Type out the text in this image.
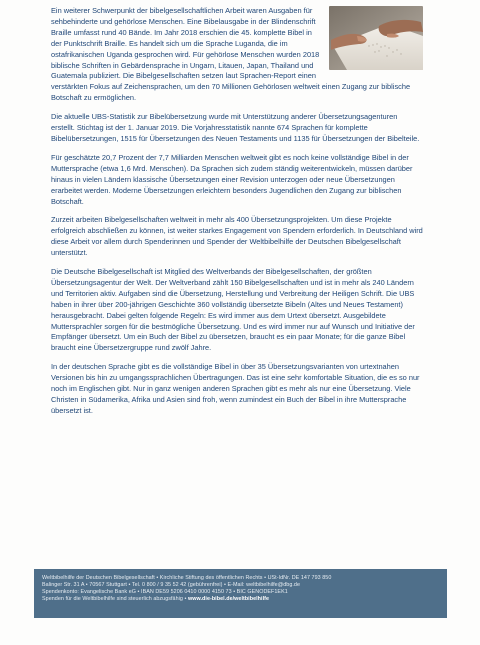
Ein weiterer Schwerpunkt der bibelgesellschaftlichen Arbeit waren Ausgaben für sehbehinderte und gehörlose Menschen. Eine Bibelausgabe in der Blindenschrift Braille umfasst rund 40 Bände. Im Jahr 2018 erschien die 45. komplette Bibel in der Punktschrift Braille. Es handelt sich um die Sprache Luganda, die im ostafrikanischen Uganda gesprochen wird. Für gehörlose Menschen wurden 2018 biblische Schriften in Gebärdensprache in Ungarn, Litauen, Japan, Thailand und Guatemala publiziert. Die Bibelgesellschaften setzen laut Sprachen-Report einen verstärkten Fokus auf Zeichensprachen, um den 70 Millionen Gehörlosen weltweit einen Zugang zur biblische Botschaft zu ermöglichen.

Die aktuelle UBS-Statistik zur Bibelübersetzung wurde mit Unterstützung anderer Übersetzungsagenturen erstellt. Stichtag ist der 1. Januar 2019. Die Vorjahresstatistik nannte 674 Sprachen für komplette Bibelübersetzungen, 1515 für Übersetzungen des Neuen Testaments und 1135 für Übersetzungen der Bibelteile.

Für geschätzte 20,7 Prozent der 7,7 Milliarden Menschen weltweit gibt es noch keine vollständige Bibel in der Muttersprache (etwa 1,6 Mrd. Menschen). Da Sprachen sich zudem ständig weiterentwickeln, müssen darüber hinaus in vielen Ländern klassische Übersetzungen einer Revision unterzogen oder neue Übersetzungen erarbeitet werden. Moderne Übersetzungen erleichtern besonders Jugendlichen den Zugang zur biblischen Botschaft.

Zurzeit arbeiten Bibelgesellschaften weltweit in mehr als 400 Übersetzungsprojekten. Um diese Projekte erfolgreich abschließen zu können, ist weiter starkes Engagement von Spendern erforderlich. In Deutschland wird diese Arbeit vor allem durch Spenderinnen und Spender der Weltbibelhilfe der Deutschen Bibelgesellschaft unterstützt.

Die Deutsche Bibelgesellschaft ist Mitglied des Weltverbands der Bibelgesellschaften, der größten Übersetzungsagentur der Welt. Der Weltverband zählt 150 Bibelgesellschaften und ist in mehr als 240 Ländern und Territorien aktiv. Aufgaben sind die Übersetzung, Herstellung und Verbreitung der Heiligen Schrift. Die UBS haben in ihrer über 200-jährigen Geschichte 360 vollständig übersetzte Bibeln (Altes und Neues Testament) herausgebracht. Dabei gelten folgende Regeln: Es wird immer aus dem Urtext übersetzt. Ausgebildete Muttersprachler sorgen für die bestmögliche Übersetzung. Und es wird immer nur auf Wunsch und Initiative der Empfänger übersetzt. Um ein Buch der Bibel zu übersetzen, braucht es ein paar Monate; für die ganze Bibel braucht eine Übersetzergruppe rund zwölf Jahre.

In der deutschen Sprache gibt es die vollständige Bibel in über 35 Übersetzungsvarianten von urtextnahen Versionen bis hin zu umgangssprachlichen Übertragungen. Das ist eine sehr komfortable Situation, die es so nur noch im Englischen gibt. Nur in ganz wenigen anderen Sprachen gibt es mehr als nur eine Übersetzung. Viele Christen in Südamerika, Afrika und Asien sind froh, wenn zumindest ein Buch der Bibel in ihre Muttersprache übersetzt ist.

Weltbibelhilfe der Deutschen Bibelgesellschaft • Kirchliche Stiftung des öffentlichen Rechts • USt-IdNr. DE 147 793 850
Balinger Str. 31 A • 70567 Stuttgart • Tel. 0 800 / 9 35 52 42 (gebührenfrei) • E-Mail: weltbibelhilfe@dbg.de
Spendenkonto: Evangelische Bank eG • IBAN DE59 5206 0410 0000 4150 73 • BIC GENODEF1EK1
Spenden für die Weltbibelhilfe sind steuerlich abzugsfähig • www.die-bibel.de/weltbibelhilfe
